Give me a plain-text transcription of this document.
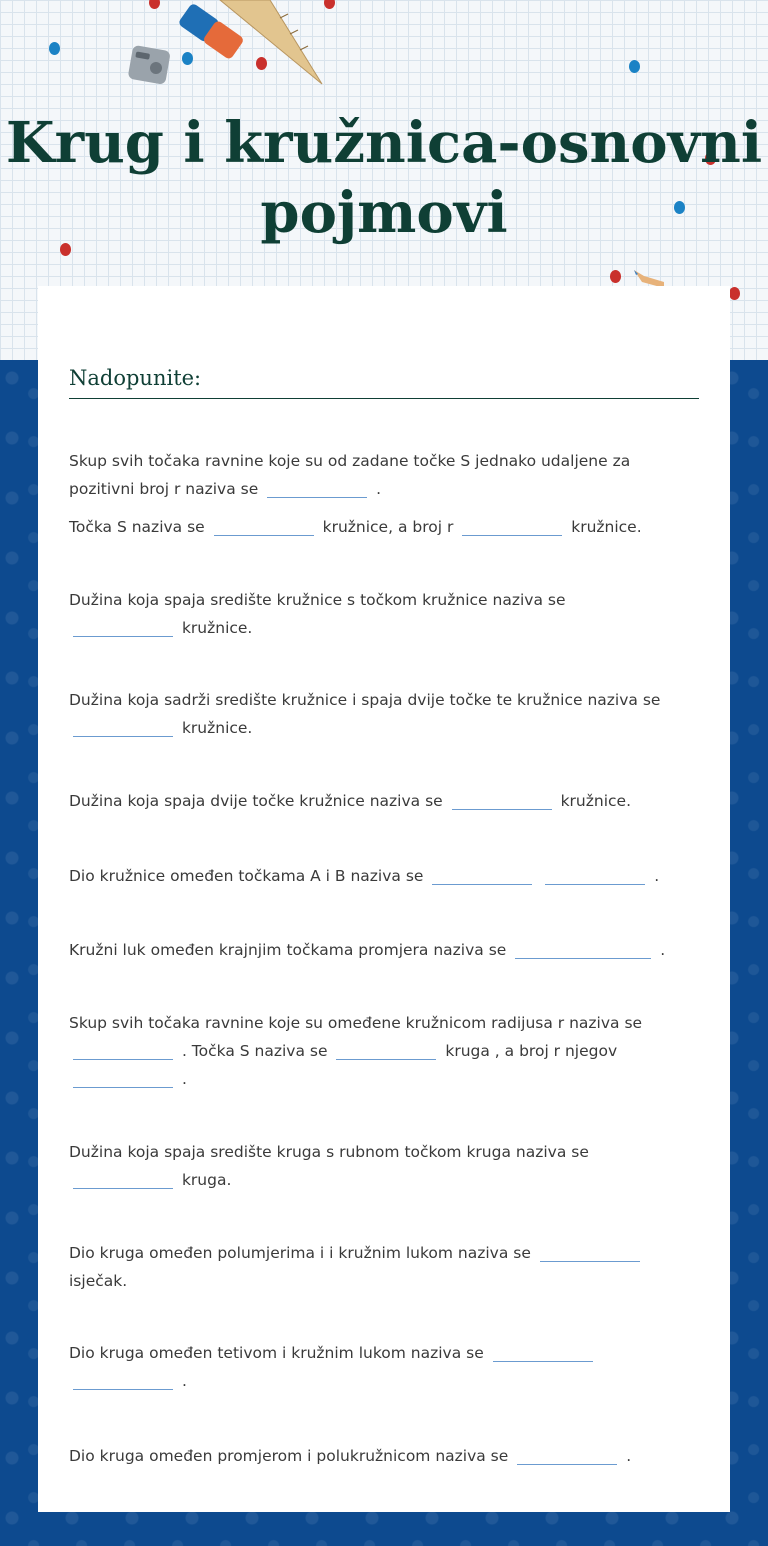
Krug i kružnica-osnovni pojmovi
Nadopunite:
Skup svih točaka ravnine koje su od zadane točke S jednako udaljene za pozitivni broj r naziva se	.
Točka S naziva se	kružnice, a broj r	kružnice.
Dužina koja spaja središte kružnice s točkom kružnice naziva se
kružnice.
Dužina koja sadrži središte kružnice i spaja dvije točke te kružnice naziva se
kružnice.
Dužina koja spaja dvije točke kružnice naziva se	kružnice.
Dio kružnice omeđen točkama A i B naziva se	.
Kružni luk omeđen krajnjim točkama promjera naziva se	.
Skup svih točaka ravnine koje su omeđene kružnicom radijusa r naziva se
. Točka S naziva se	kruga , a broj r njegov
.
Dužina koja spaja središte kruga s rubnom točkom kruga naziva se
kruga.
Dio kruga omeđen polumjerima i i kružnim lukom naziva se
isječak.
Dio kruga omeđen tetivom i kružnim lukom naziva se
.
Dio kruga omeđen promjerom i polukružnicom naziva se	.
